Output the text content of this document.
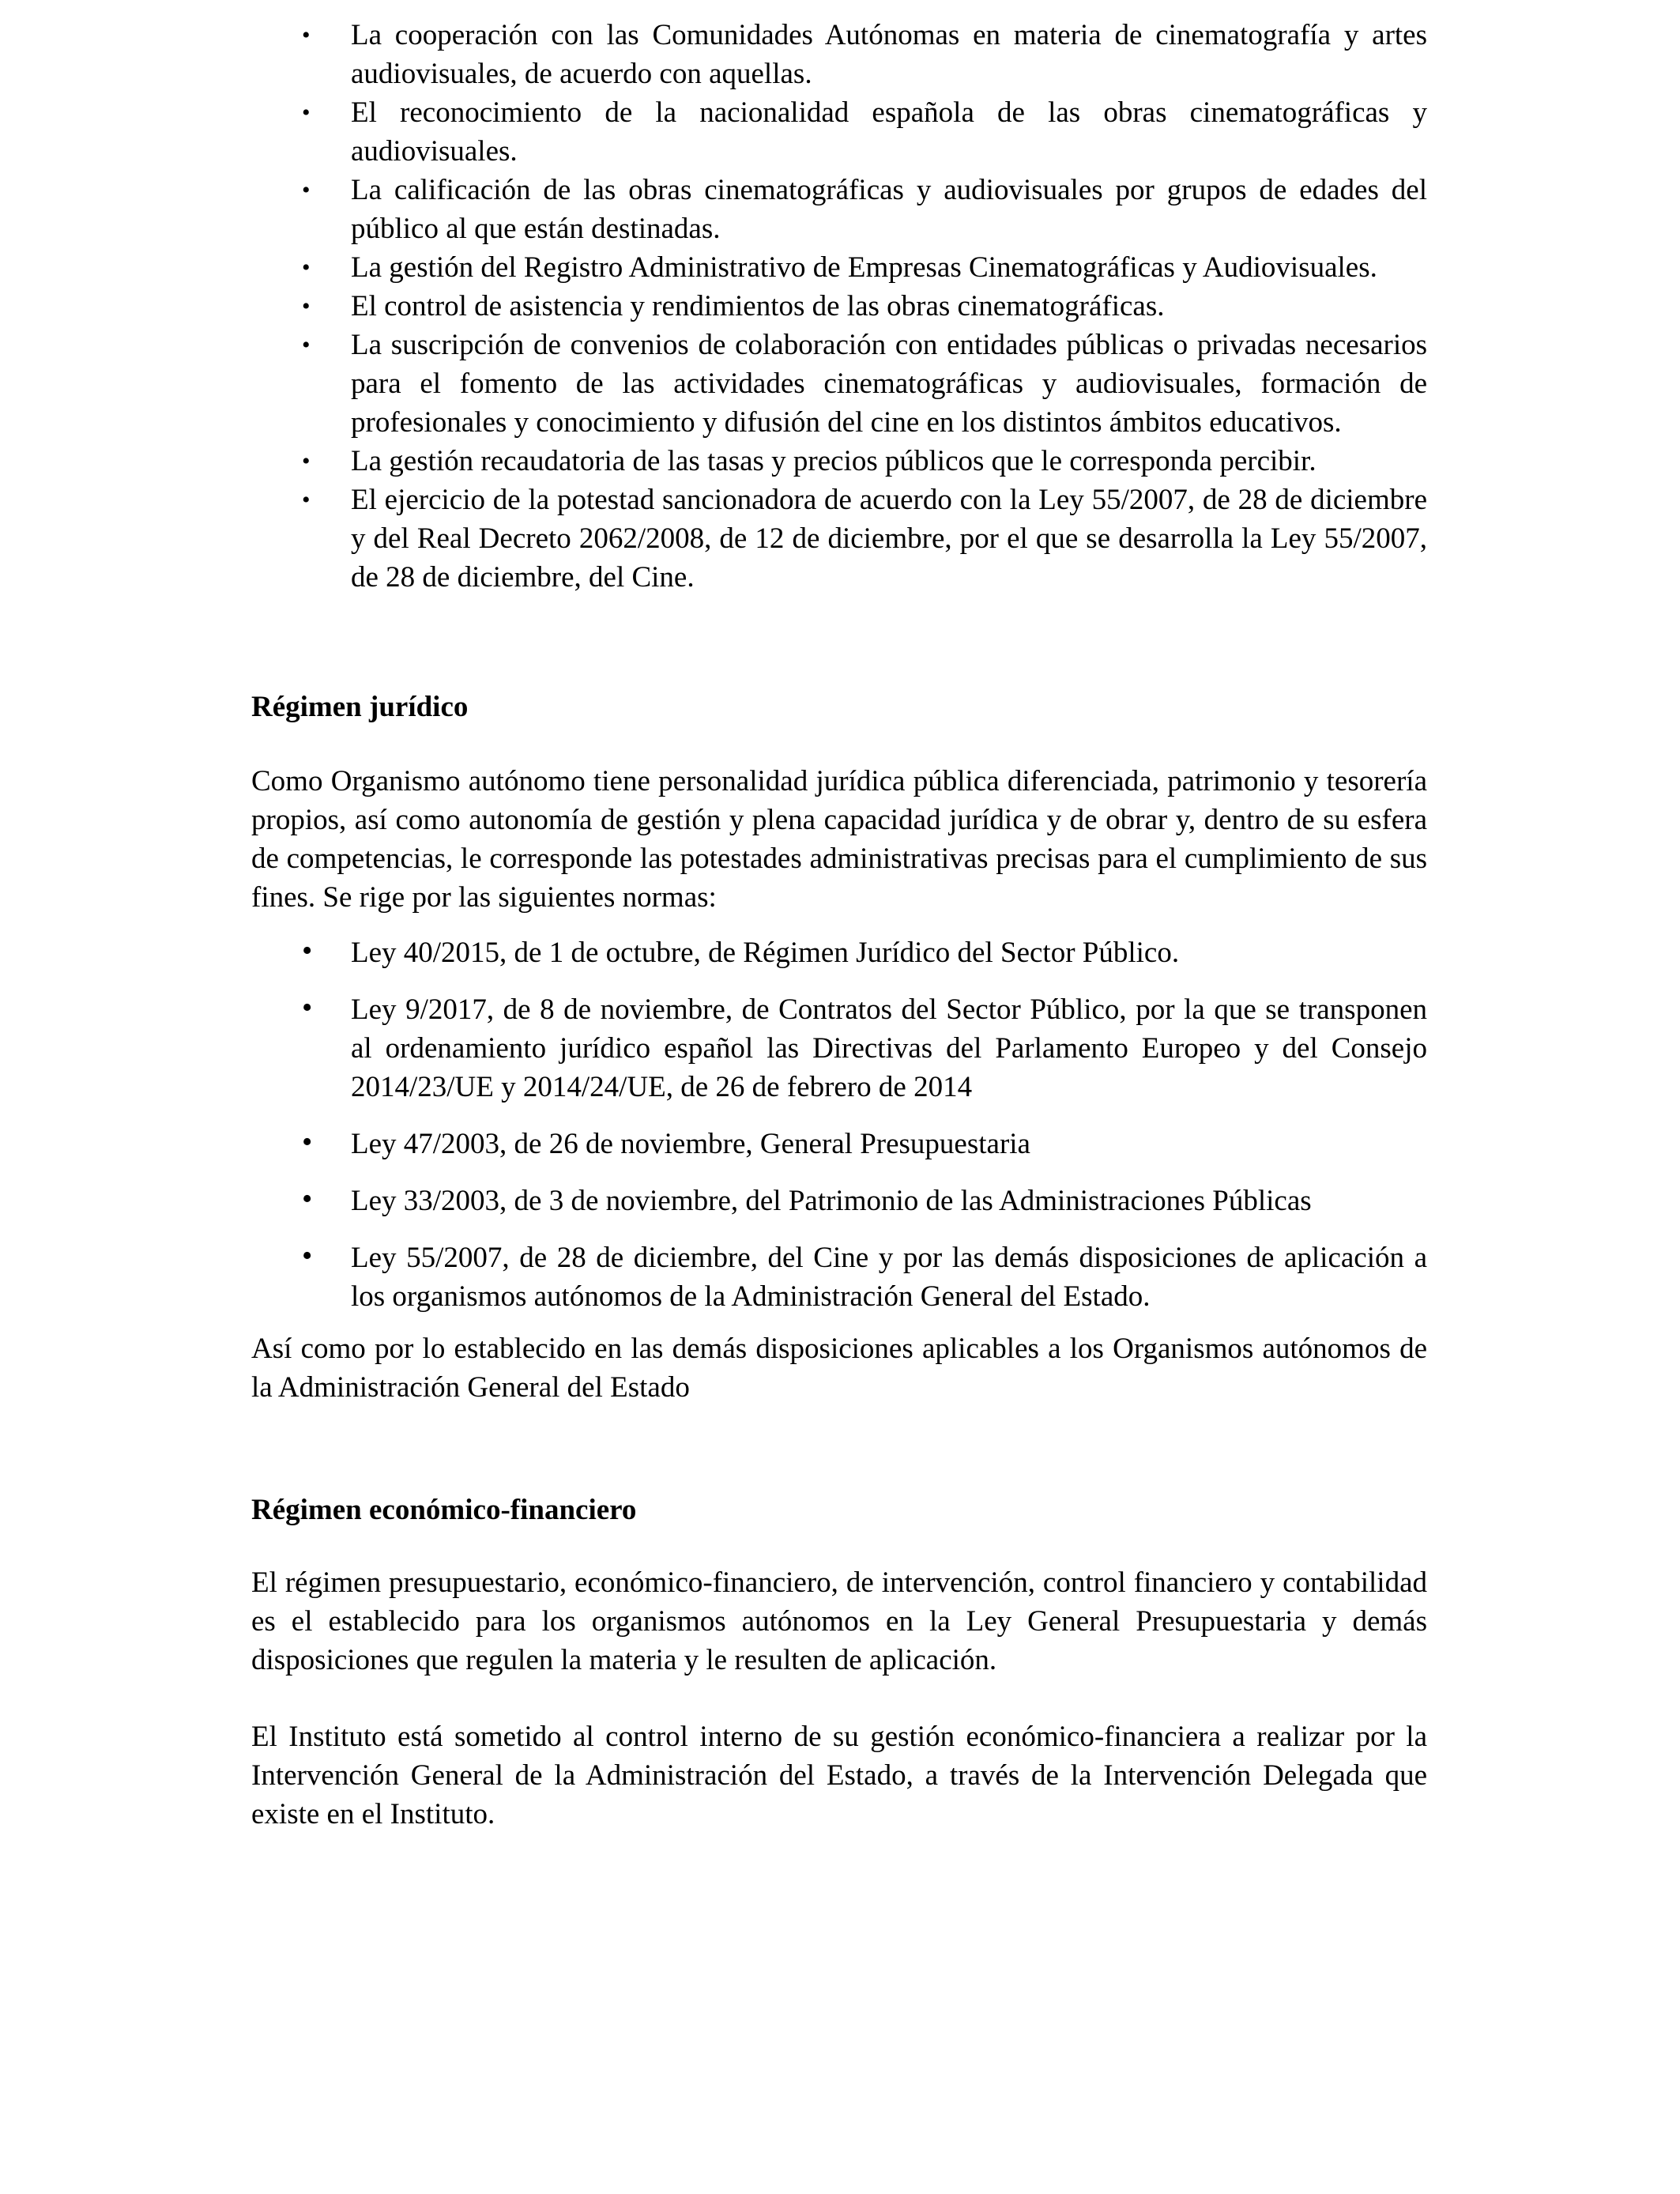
• La cooperación con las Comunidades Autónomas en materia de cinematografía y artes audiovisuales, de acuerdo con aquellas.
• El reconocimiento de la nacionalidad española de las obras cinematográficas y audiovisuales.
• La calificación de las obras cinematográficas y audiovisuales por grupos de edades del público al que están destinadas.
• La gestión del Registro Administrativo de Empresas Cinematográficas y Audiovisuales.
• El control de asistencia y rendimientos de las obras cinematográficas.
• La suscripción de convenios de colaboración con entidades públicas o privadas necesarios para el fomento de las actividades cinematográficas y audiovisuales, formación de profesionales y conocimiento y difusión del cine en los distintos ámbitos educativos.
• La gestión recaudatoria de las tasas y precios públicos que le corresponda percibir.
• El ejercicio de la potestad sancionadora de acuerdo con la Ley 55/2007, de 28 de diciembre y del Real Decreto 2062/2008, de 12 de diciembre, por el que se desarrolla la Ley 55/2007, de 28 de diciembre, del Cine.
Régimen jurídico

Como Organismo autónomo tiene personalidad jurídica pública diferenciada, patrimonio y tesorería propios, así como autonomía de gestión y plena capacidad jurídica y de obrar y, dentro de su esfera de competencias, le corresponde las potestades administrativas precisas para el cumplimiento de sus fines. Se rige por las siguientes normas:

• Ley 40/2015, de 1 de octubre, de Régimen Jurídico del Sector Público.
• Ley 9/2017, de 8 de noviembre, de Contratos del Sector Público, por la que se transponen al ordenamiento jurídico español las Directivas del Parlamento Europeo y del Consejo 2014/23/UE y 2014/24/UE, de 26 de febrero de 2014
• Ley 47/2003, de 26 de noviembre, General Presupuestaria
• Ley 33/2003, de 3 de noviembre, del Patrimonio de las Administraciones Públicas
• Ley 55/2007, de 28 de diciembre, del Cine y por las demás disposiciones de aplicación a los organismos autónomos de la Administración General del Estado.

Así como por lo establecido en las demás disposiciones aplicables a los Organismos autónomos de la Administración General del Estado

Régimen económico-financiero

El régimen presupuestario, económico-financiero, de intervención, control financiero y contabilidad es el establecido para los organismos autónomos en la Ley General Presupuestaria y demás disposiciones que regulen la materia y le resulten de aplicación.

El Instituto está sometido al control interno de su gestión económico-financiera a realizar por la Intervención General de la Administración del Estado, a través de la Intervención Delegada que existe en el Instituto.
